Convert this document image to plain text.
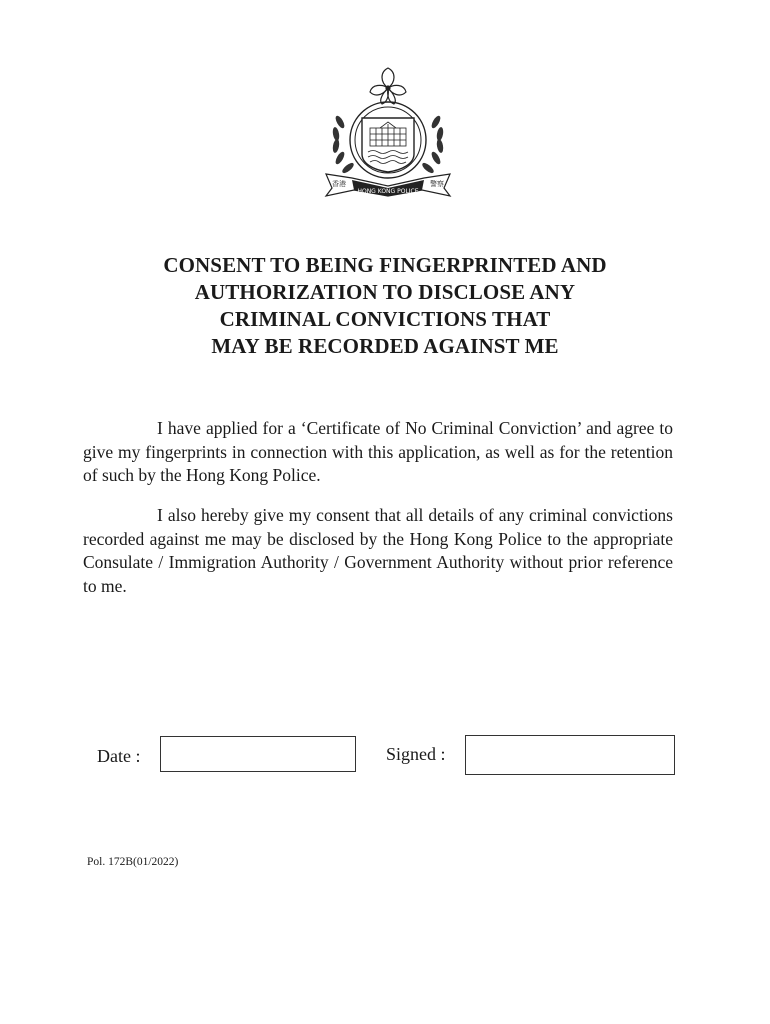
HONG KONG POLICE
香港	警察
CONSENT TO BEING FINGERPRINTED AND
AUTHORIZATION TO DISCLOSE ANY
CRIMINAL CONVICTIONS THAT
MAY BE RECORDED AGAINST ME

I have applied for a ‘Certificate of No Criminal Conviction’ and agree to give my fingerprints in connection with this application, as well as for the retention of such by the Hong Kong Police.

I also hereby give my consent that all details of any criminal convictions recorded against me may be disclosed by the Hong Kong Police to the appropriate Consulate / Immigration Authority / Government Authority without prior reference to me.

Date :	Signed :
Pol. 172B(01/2022)
